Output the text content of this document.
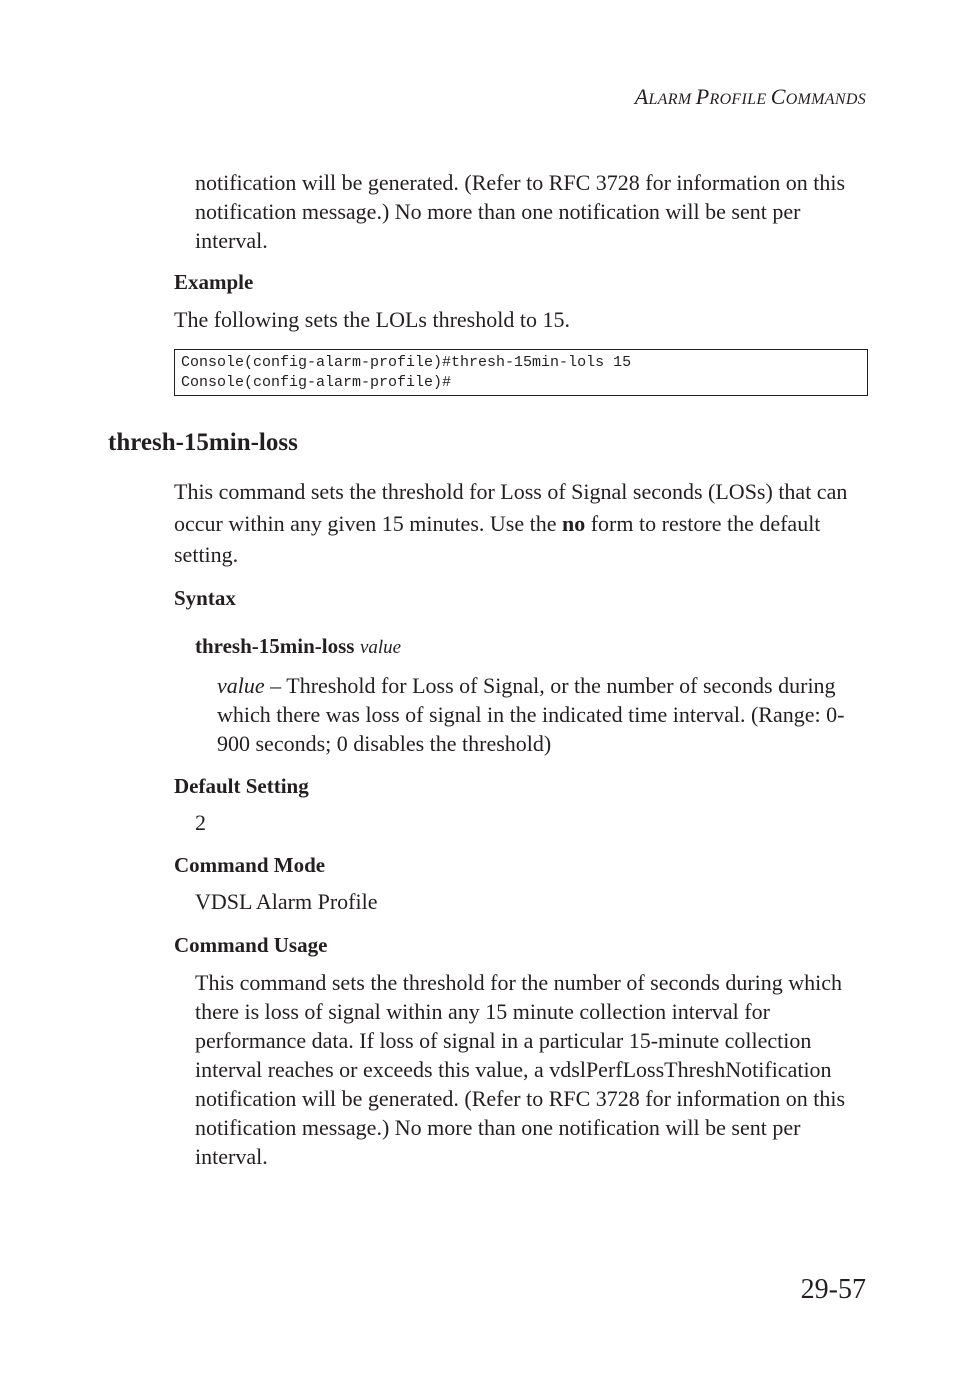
ALARM PROFILE COMMANDS

notification will be generated. (Refer to RFC 3728 for information on this notification message.) No more than one notification will be sent per interval.

Example

The following sets the LOLs threshold to 15.

Console(config-alarm-profile)#thresh-15min-lols 15
Console(config-alarm-profile)#
thresh-15min-loss

This command sets the threshold for Loss of Signal seconds (LOSs) that can occur within any given 15 minutes. Use the no form to restore the default setting.

Syntax

thresh-15min-loss value

value – Threshold for Loss of Signal, or the number of seconds during which there was loss of signal in the indicated time interval. (Range: 0-900 seconds; 0 disables the threshold)

Default Setting

2

Command Mode

VDSL Alarm Profile

Command Usage

This command sets the threshold for the number of seconds during which there is loss of signal within any 15 minute collection interval for performance data. If loss of signal in a particular 15-minute collection interval reaches or exceeds this value, a vdslPerfLossThreshNotification notification will be generated. (Refer to RFC 3728 for information on this notification message.) No more than one notification will be sent per interval.

29-57
